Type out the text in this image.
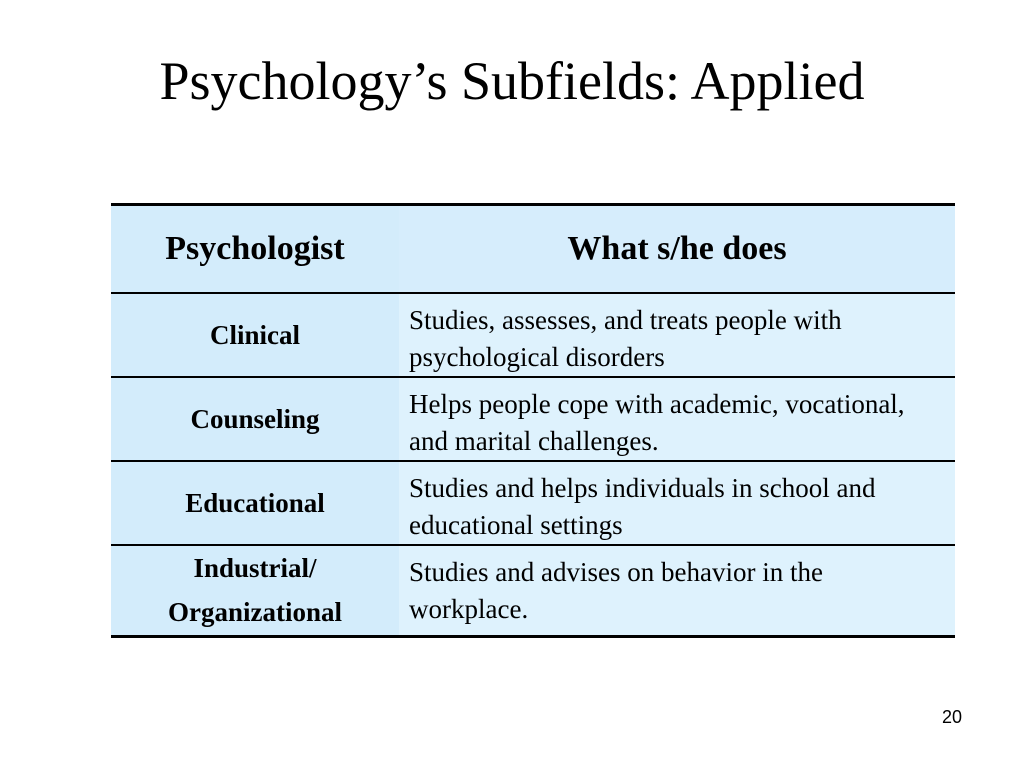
Psychology’s Subfields: Applied
Psychologist	What s/he does
Clinical	Studies, assesses, and treats people with psychological disorders
Counseling	Helps people cope with academic, vocational, and marital challenges.
Educational	Studies and helps individuals in school and educational settings
Industrial/
Organizational	Studies and advises on behavior in the workplace.
20
